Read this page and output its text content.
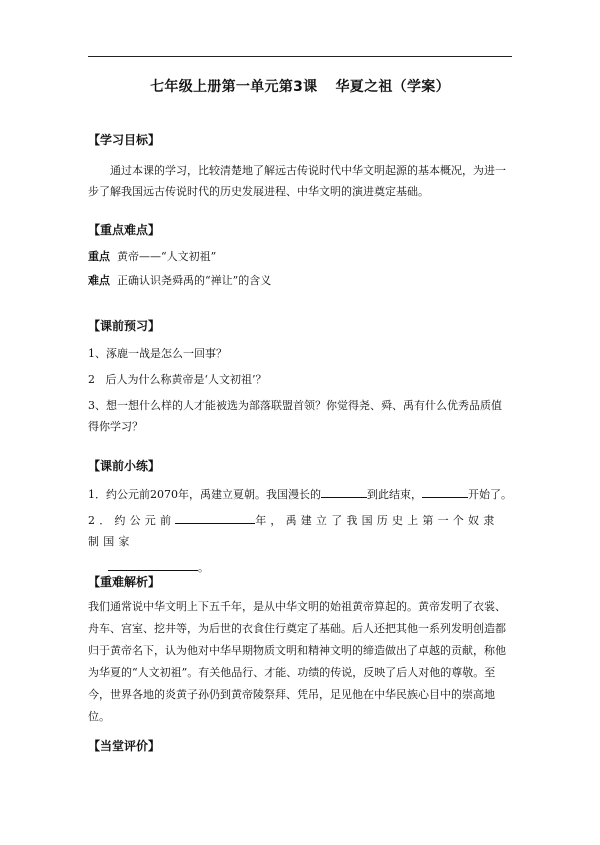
七年级上册第一单元第3课 华夏之祖（学案）
【学习目标】

通过本课的学习，比较清楚地了解远古传说时代中华文明起源的基本概况，为进一步了解我国远古传说时代的历史发展进程、中华文明的演进奠定基础。

【重点难点】

重点 黄帝——“人文初祖”

难点 正确认识尧舜禹的“禅让”的含义

【课前预习】

1、涿鹿一战是怎么一回事？

2 后人为什么称黄帝是‘人文初祖’？

3、想一想什么样的人才能被选为部落联盟首领？你觉得尧、舜、禹有什么优秀品质值得你学习？

【课前小练】

1．约公元前2070年，禹建立夏朝。我国漫长的	到此结束，	开始了。

2．约公元前	年，禹建立了我国历史上第一个奴隶制国家

。

【重难解析】

我们通常说中华文明上下五千年，是从中华文明的始祖黄帝算起的。黄帝发明了衣裳、舟车、宫室、挖井等，为后世的衣食住行奠定了基础。后人还把其他一系列发明创造都归于黄帝名下，认为他对中华早期物质文明和精神文明的缔造做出了卓越的贡献，称他为华夏的“人文初祖”。有关他品行、才能、功绩的传说，反映了后人对他的尊敬。至今，世界各地的炎黄子孙仍到黄帝陵祭拜、凭吊，足见他在中华民族心目中的崇高地位。

【当堂评价】
